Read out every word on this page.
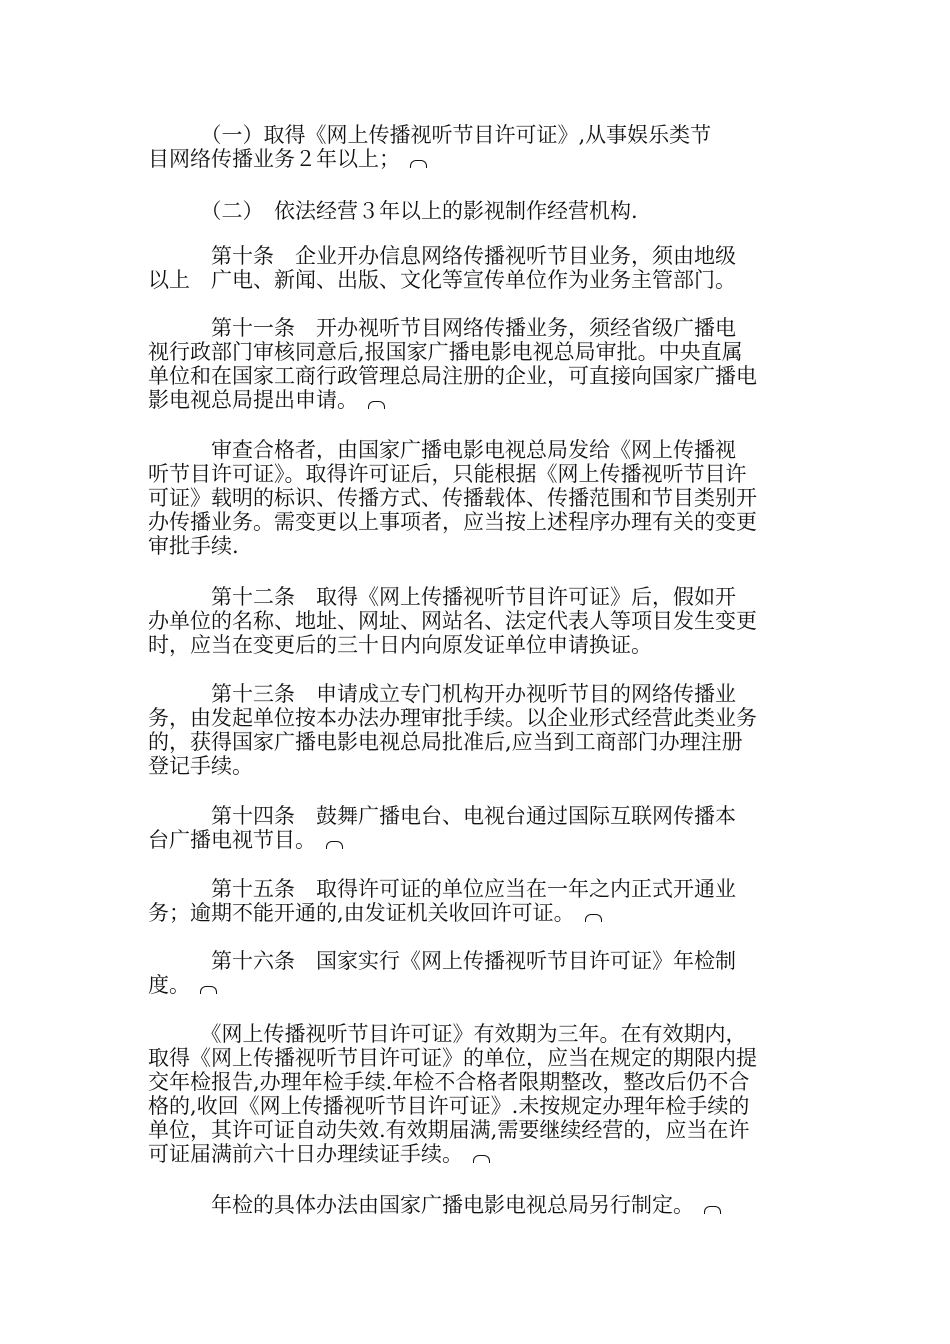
　　　（一）取得《网上传播视听节目许可证》,从事娱乐类节
目网络传播业务２年以上；
　　　（二）　依法经营３年以上的影视制作经营机构.
　　　第十条　企业开办信息网络传播视听节目业务，须由地级
以上　广电、新闻、出版、文化等宣传单位作为业务主管部门。
　　　第十一条　开办视听节目网络传播业务，须经省级广播电
视行政部门审核同意后,报国家广播电影电视总局审批。中央直属
单位和在国家工商行政管理总局注册的企业，可直接向国家广播电
影电视总局提出申请。
　　　审查合格者，由国家广播电影电视总局发给《网上传播视
听节目许可证》。取得许可证后，只能根据《网上传播视听节目许
可证》载明的标识、传播方式、传播载体、传播范围和节目类别开
办传播业务。需变更以上事项者，应当按上述程序办理有关的变更
审批手续.
　　　第十二条　取得《网上传播视听节目许可证》后，假如开
办单位的名称、地址、网址、网站名、法定代表人等项目发生变更
时，应当在变更后的三十日内向原发证单位申请换证。
　　　第十三条　申请成立专门机构开办视听节目的网络传播业
务，由发起单位按本办法办理审批手续。以企业形式经营此类业务
的，获得国家广播电影电视总局批准后,应当到工商部门办理注册
登记手续。
　　　第十四条　鼓舞广播电台、电视台通过国际互联网传播本
台广播电视节目。
　　　第十五条　取得许可证的单位应当在一年之内正式开通业
务；逾期不能开通的,由发证机关收回许可证。
　　　第十六条　国家实行《网上传播视听节目许可证》年检制
度。
　　　《网上传播视听节目许可证》有效期为三年。在有效期内，
取得《网上传播视听节目许可证》的单位，应当在规定的期限内提
交年检报告,办理年检手续.年检不合格者限期整改，整改后仍不合
格的,收回《网上传播视听节目许可证》.未按规定办理年检手续的
单位，其许可证自动失效.有效期届满,需要继续经营的，应当在许
可证届满前六十日办理续证手续。
　　　年检的具体办法由国家广播电影电视总局另行制定。
